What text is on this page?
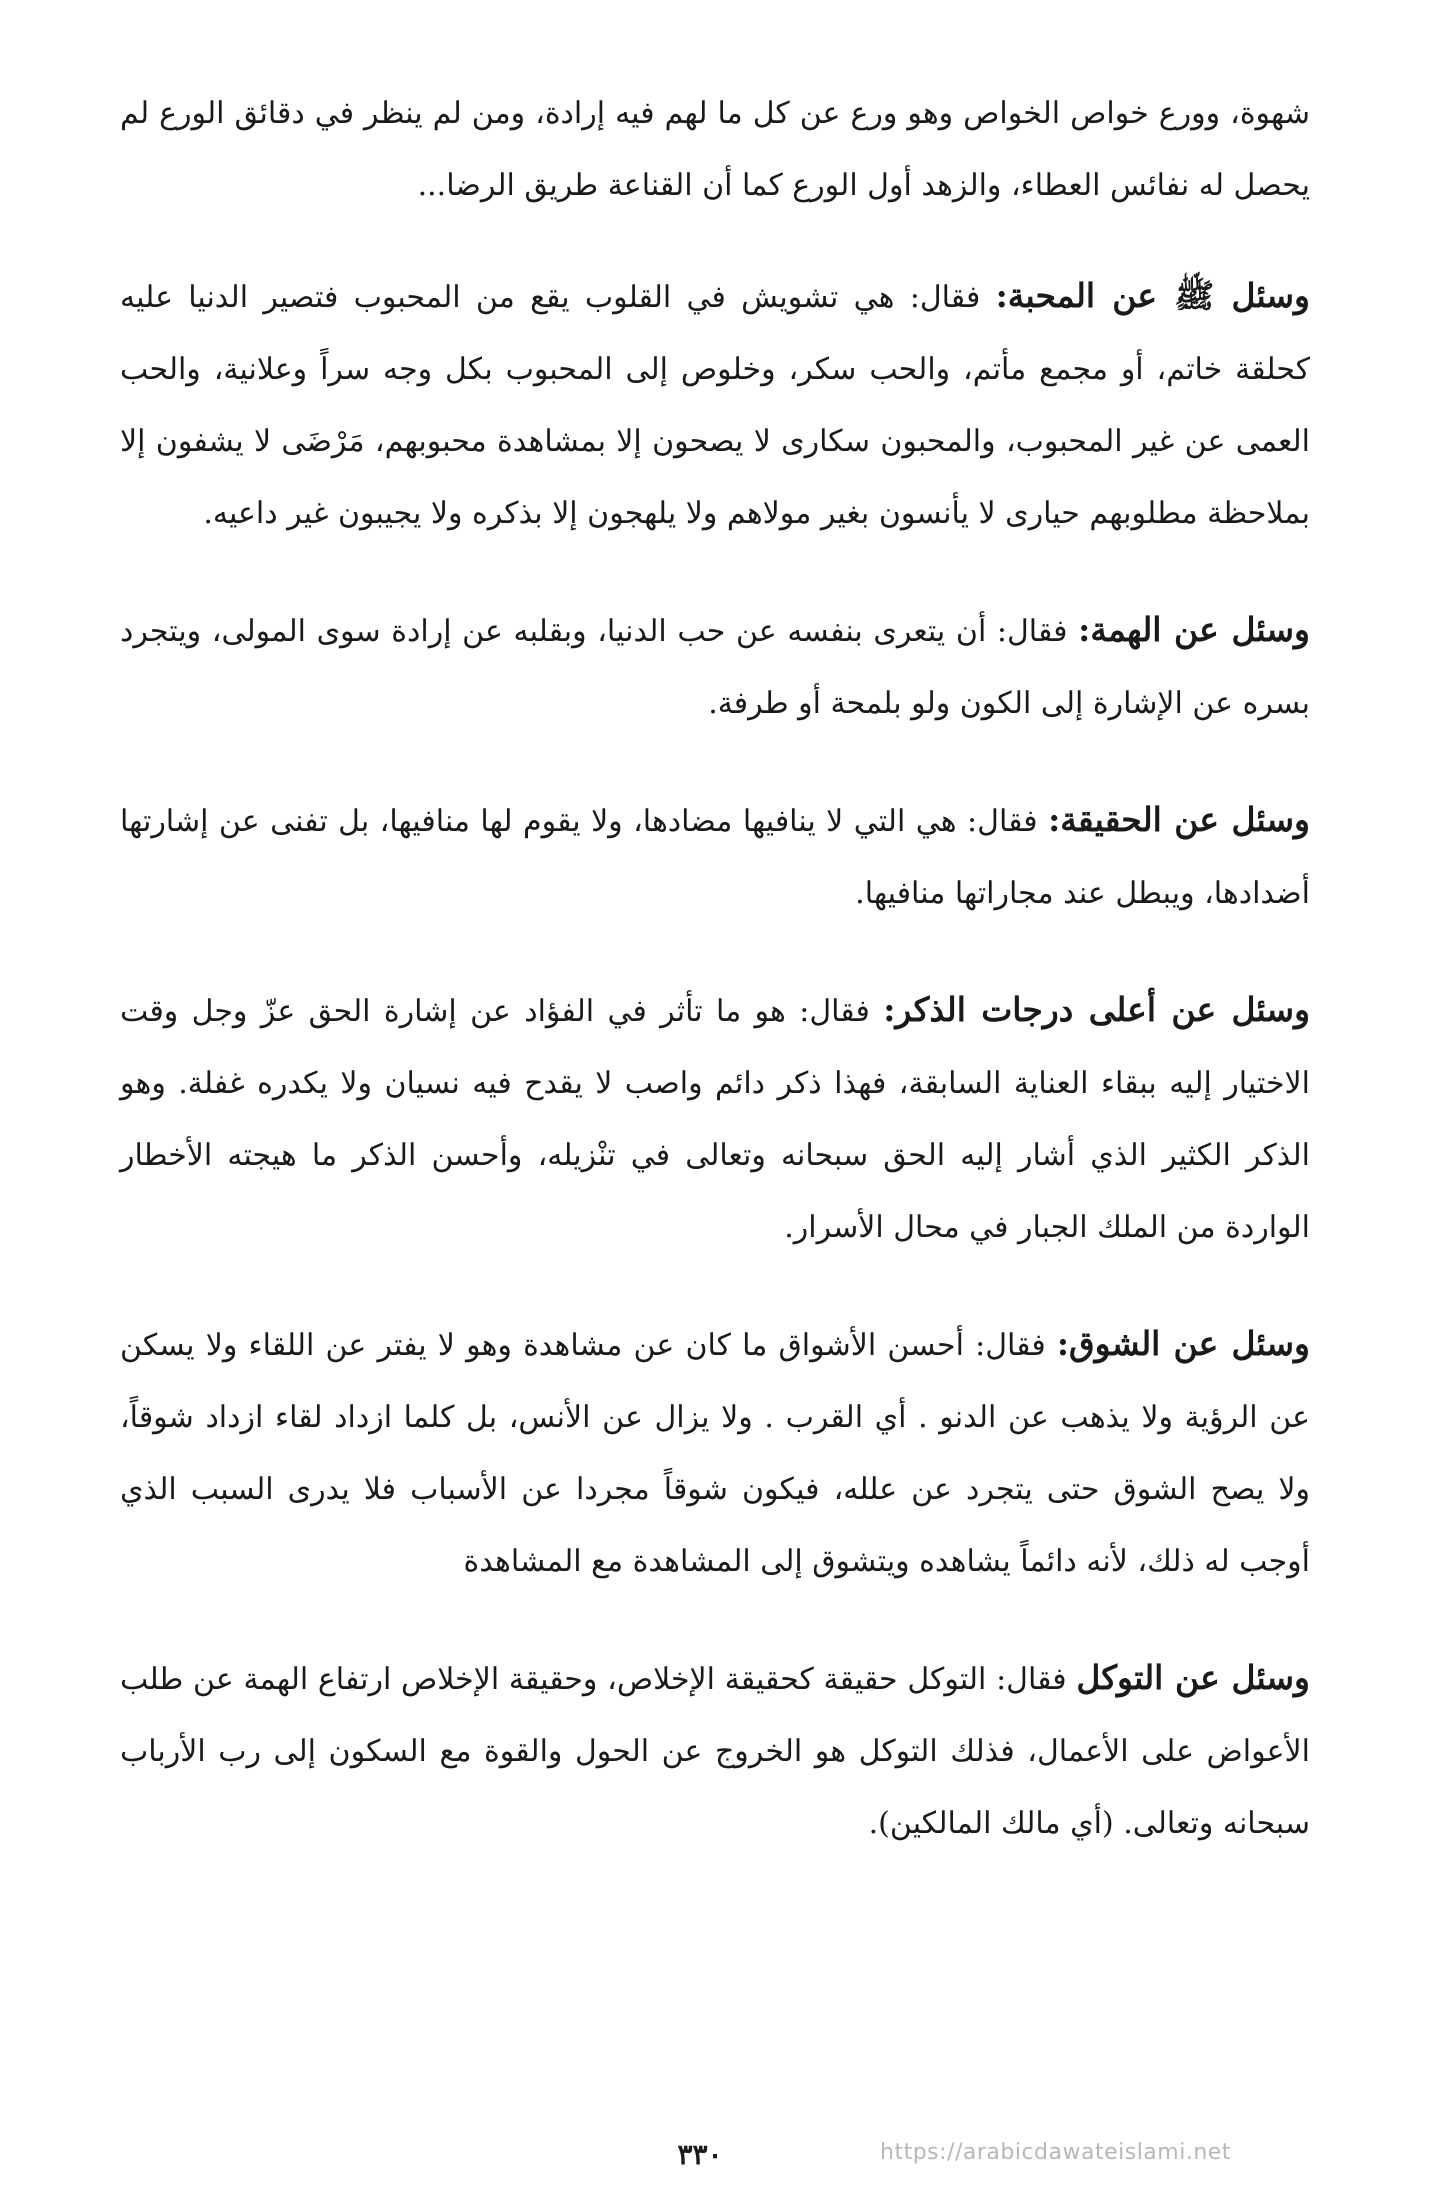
شهوة، وورع خواص الخواص وهو ورع عن كل ما لهم فيه إرادة، ومن لم ينظر في دقائق الورع لم يحصل له نفائس العطاء، والزهد أول الورع كما أن القناعة طريق الرضا...

وسئل ﷺ عن المحبة: فقال: هي تشويش في القلوب يقع من المحبوب فتصير الدنيا عليه كحلقة خاتم، أو مجمع مأتم، والحب سكر، وخلوص إلى المحبوب بكل وجه سراً وعلانية، والحب العمى عن غير المحبوب، والمحبون سكارى لا يصحون إلا بمشاهدة محبوبهم، مَرْضَى لا يشفون إلا بملاحظة مطلوبهم حيارى لا يأنسون بغير مولاهم ولا يلهجون إلا بذكره ولا يجيبون غير داعيه.

وسئل عن الهمة: فقال: أن يتعرى بنفسه عن حب الدنيا، وبقلبه عن إرادة سوى المولى، ويتجرد بسره عن الإشارة إلى الكون ولو بلمحة أو طرفة.

وسئل عن الحقيقة: فقال: هي التي لا ينافيها مضادها، ولا يقوم لها منافيها، بل تفنى عن إشارتها أضدادها، ويبطل عند مجاراتها منافيها.

وسئل عن أعلى درجات الذكر: فقال: هو ما تأثر في الفؤاد عن إشارة الحق عزّ وجل وقت الاختيار إليه ببقاء العناية السابقة، فهذا ذكر دائم واصب لا يقدح فيه نسيان ولا يكدره غفلة. وهو الذكر الكثير الذي أشار إليه الحق سبحانه وتعالى في تنْزيله، وأحسن الذكر ما هيجته الأخطار الواردة من الملك الجبار في محال الأسرار.

وسئل عن الشوق: فقال: أحسن الأشواق ما كان عن مشاهدة وهو لا يفتر عن اللقاء ولا يسكن عن الرؤية ولا يذهب عن الدنو . أي القرب . ولا يزال عن الأنس، بل كلما ازداد لقاء ازداد شوقاً، ولا يصح الشوق حتى يتجرد عن علله، فيكون شوقاً مجردا عن الأسباب فلا يدرى السبب الذي أوجب له ذلك، لأنه دائماً يشاهده ويتشوق إلى المشاهدة مع المشاهدة

وسئل عن التوكل فقال: التوكل حقيقة كحقيقة الإخلاص، وحقيقة الإخلاص ارتفاع الهمة عن طلب الأعواض على الأعمال، فذلك التوكل هو الخروج عن الحول والقوة مع السكون إلى رب الأرباب سبحانه وتعالى. (أي مالك المالكين).

٣٣٠	https://arabicdawateislami.net
